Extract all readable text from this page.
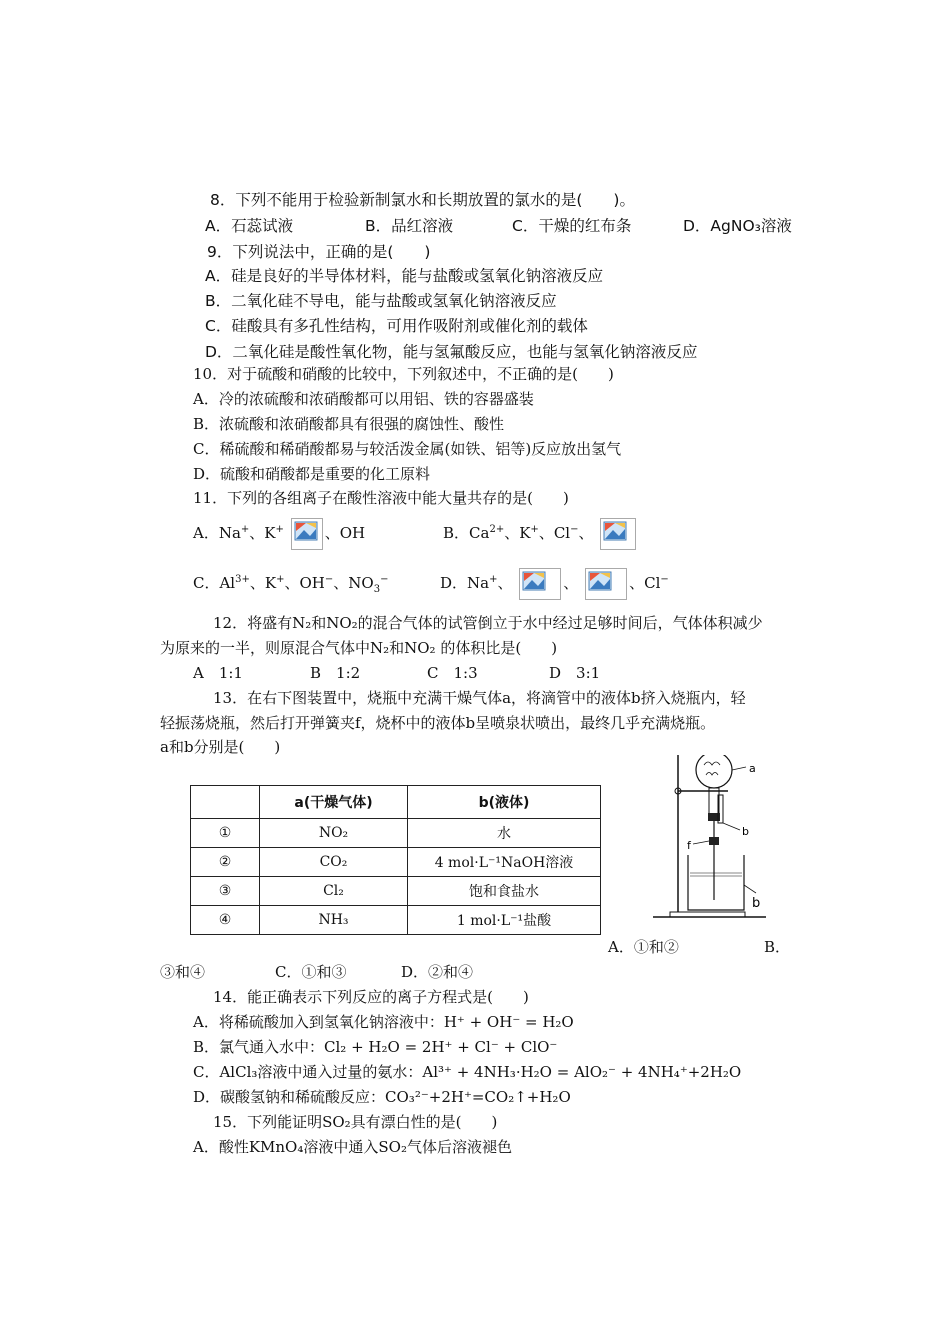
8．下列不能用于检验新制氯水和长期放置的氯水的是(　　)。
A．石蕊试液	B．品红溶液	C．干燥的红布条	D．AgNO₃溶液
9．下列说法中，正确的是(　　)
A．硅是良好的半导体材料，能与盐酸或氢氧化钠溶液反应
B．二氧化硅不导电，能与盐酸或氢氧化钠溶液反应
C．硅酸具有多孔性结构，可用作吸附剂或催化剂的载体
D．二氧化硅是酸性氧化物，能与氢氟酸反应，也能与氢氧化钠溶液反应
10．对于硫酸和硝酸的比较中，下列叙述中，不正确的是(　　)
A．冷的浓硫酸和浓硝酸都可以用铝、铁的容器盛装
B．浓硫酸和浓硝酸都具有很强的腐蚀性、酸性
C．稀硫酸和稀硝酸都易与较活泼金属(如铁、铝等)反应放出氢气
D．硫酸和硝酸都是重要的化工原料
11．下列的各组离子在酸性溶液中能大量共存的是(　　)
A．Na+、K+	、OH	B．$Ca^{2+}$、K+、Cl−、
C．$Al^{3+}$、K+、OH−、$NO_3^-$	D．Na+、	、	、Cl−
12．将盛有N₂和NO₂的混合气体的试管倒立于水中经过足够时间后，气体体积减少
为原来的一半，则原混合气体中N₂和NO₂ 的体积比是(　　)
A　1:1	B　1:2	C　1:3	D　3:1
13．在右下图装置中，烧瓶中充满干燥气体a，将滴管中的液体b挤入烧瓶内，轻
轻振荡烧瓶，然后打开弹簧夹f，烧杯中的液体b呈喷泉状喷出，最终几乎充满烧瓶。
a和b分别是(　　)
	a(干燥气体)	b(液体)
①	NO₂	水
②	CO₂	4 mol·L⁻¹NaOH溶液
③	Cl₂	饱和食盐水
④	NH₃	1 mol·L⁻¹盐酸
a
b
f
b
A．①和②	B．
③和④	C．①和③	D．②和④
14．能正确表示下列反应的离子方程式是(　　)
A．将稀硫酸加入到氢氧化钠溶液中：H⁺ + OH⁻ = H₂O
B．氯气通入水中：Cl₂ + H₂O = 2H⁺ + Cl⁻ + ClO⁻
C．AlCl₃溶液中通入过量的氨水：Al³⁺ + 4NH₃·H₂O = AlO₂⁻ + 4NH₄⁺+2H₂O
D．碳酸氢钠和稀硫酸反应：CO₃²⁻+2H⁺=CO₂↑+H₂O
15．下列能证明SO₂具有漂白性的是(　　)
A．酸性KMnO₄溶液中通入SO₂气体后溶液褪色
